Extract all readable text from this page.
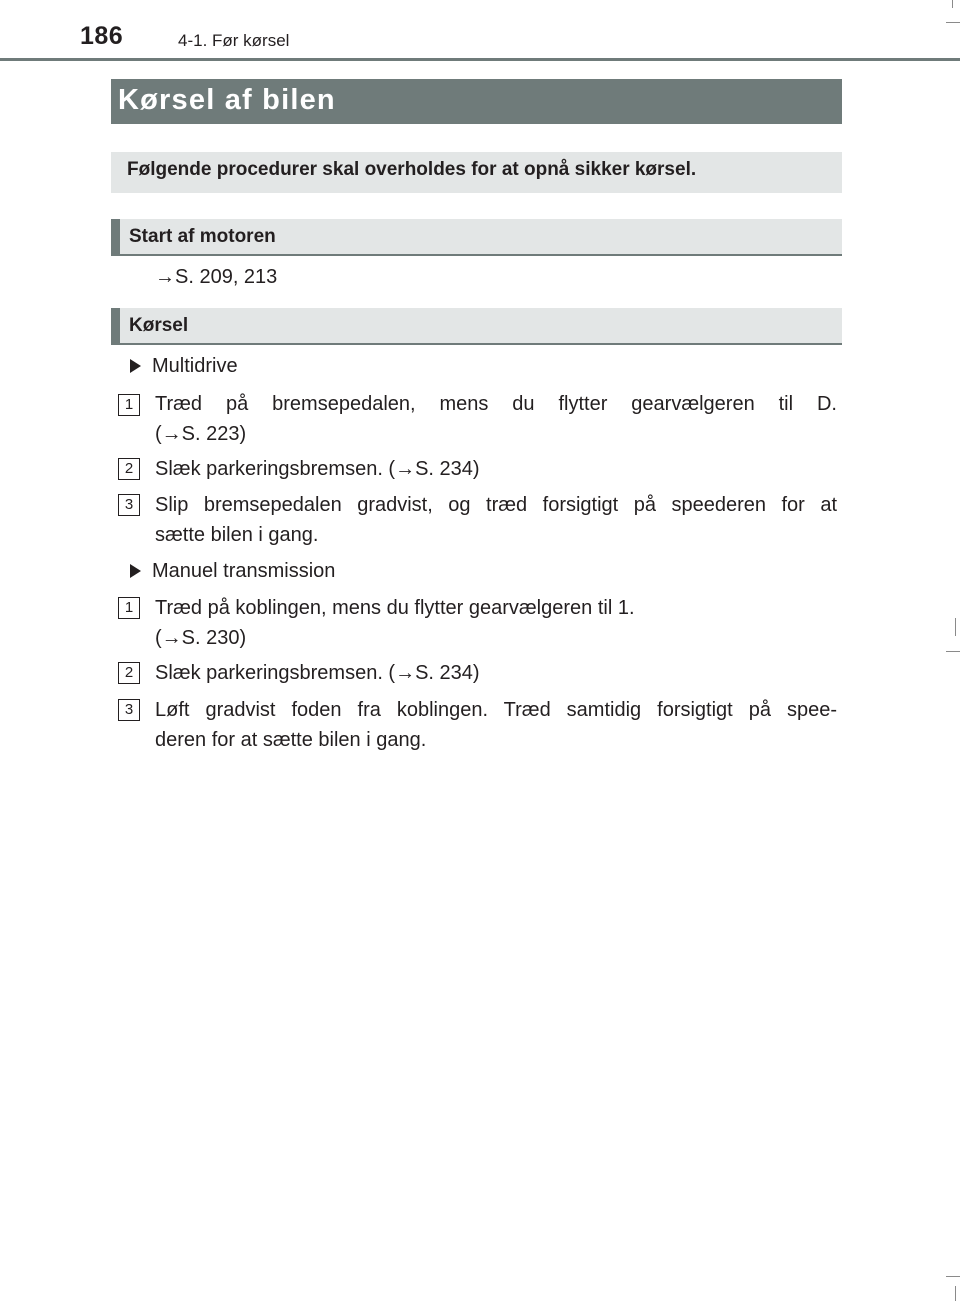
186	4-1. Før kørsel
Kørsel af bilen
Følgende procedurer skal overholdes for at opnå sikker kørsel.
Start af motoren
→S. 209, 213
Kørsel
Multidrive
1	Træd på bremsepedalen, mens du flytter gearvælgeren til D.
(→S. 223)
2	Slæk parkeringsbremsen. (→S. 234)
3	Slip bremsepedalen gradvist, og træd forsigtigt på speederen for at
sætte bilen i gang.
Manuel transmission
1	Træd på koblingen, mens du flytter gearvælgeren til 1.
(→S. 230)
2	Slæk parkeringsbremsen. (→S. 234)
3	Løft gradvist foden fra koblingen. Træd samtidig forsigtigt på spee-
deren for at sætte bilen i gang.
